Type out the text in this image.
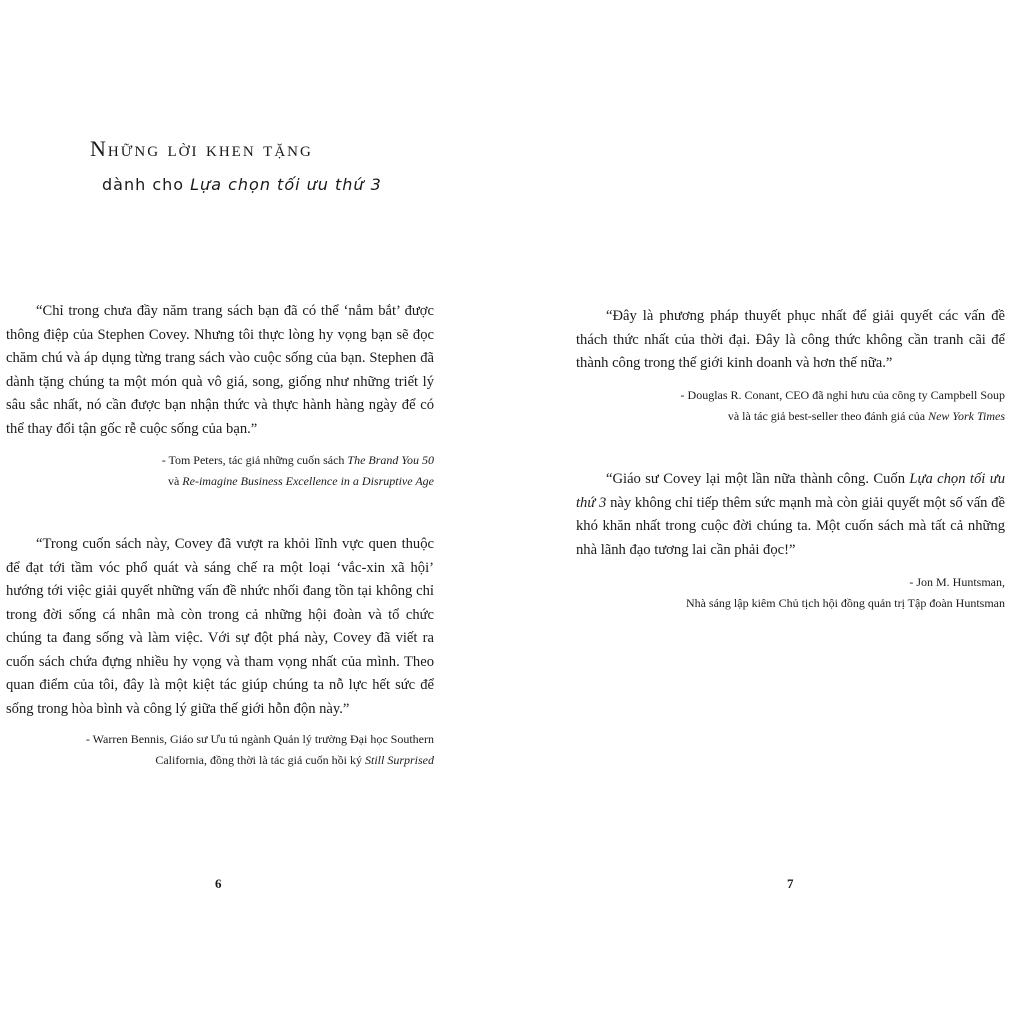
Những lời khen tặng

dành cho Lựa chọn tối ưu thứ 3

“Chỉ trong chưa đầy năm trang sách bạn đã có thể ‘nắm bắt’ được thông điệp của Stephen Covey. Nhưng tôi thực lòng hy vọng bạn sẽ đọc chăm chú và áp dụng từng trang sách vào cuộc sống của bạn. Stephen đã dành tặng chúng ta một món quà vô giá, song, giống như những triết lý sâu sắc nhất, nó cần được bạn nhận thức và thực hành hàng ngày để có thể thay đổi tận gốc rễ cuộc sống của bạn.”

- Tom Peters, tác giả những cuốn sách The Brand You 50
và Re-imagine Business Excellence in a Disruptive Age

“Trong cuốn sách này, Covey đã vượt ra khỏi lĩnh vực quen thuộc để đạt tới tầm vóc phổ quát và sáng chế ra một loại ‘vắc-xin xã hội’ hướng tới việc giải quyết những vấn đề nhức nhối đang tồn tại không chỉ trong đời sống cá nhân mà còn trong cả những hội đoàn và tổ chức chúng ta đang sống và làm việc. Với sự đột phá này, Covey đã viết ra cuốn sách chứa đựng nhiều hy vọng và tham vọng nhất của mình. Theo quan điểm của tôi, đây là một kiệt tác giúp chúng ta nỗ lực hết sức để sống trong hòa bình và công lý giữa thế giới hỗn độn này.”

- Warren Bennis, Giáo sư Ưu tú ngành Quản lý trường Đại học Southern
California, đồng thời là tác giả cuốn hồi ký Still Surprised
6

“Đây là phương pháp thuyết phục nhất để giải quyết các vấn đề thách thức nhất của thời đại. Đây là công thức không cần tranh cãi để thành công trong thế giới kinh doanh và hơn thế nữa.”

- Douglas R. Conant, CEO đã nghỉ hưu của công ty Campbell Soup
và là tác giả best-seller theo đánh giá của New York Times

“Giáo sư Covey lại một lần nữa thành công. Cuốn Lựa chọn tối ưu thứ 3 này không chỉ tiếp thêm sức mạnh mà còn giải quyết một số vấn đề khó khăn nhất trong cuộc đời chúng ta. Một cuốn sách mà tất cả những nhà lãnh đạo tương lai cần phải đọc!”

- Jon M. Huntsman,
Nhà sáng lập kiêm Chủ tịch hội đồng quản trị Tập đoàn Huntsman
7
